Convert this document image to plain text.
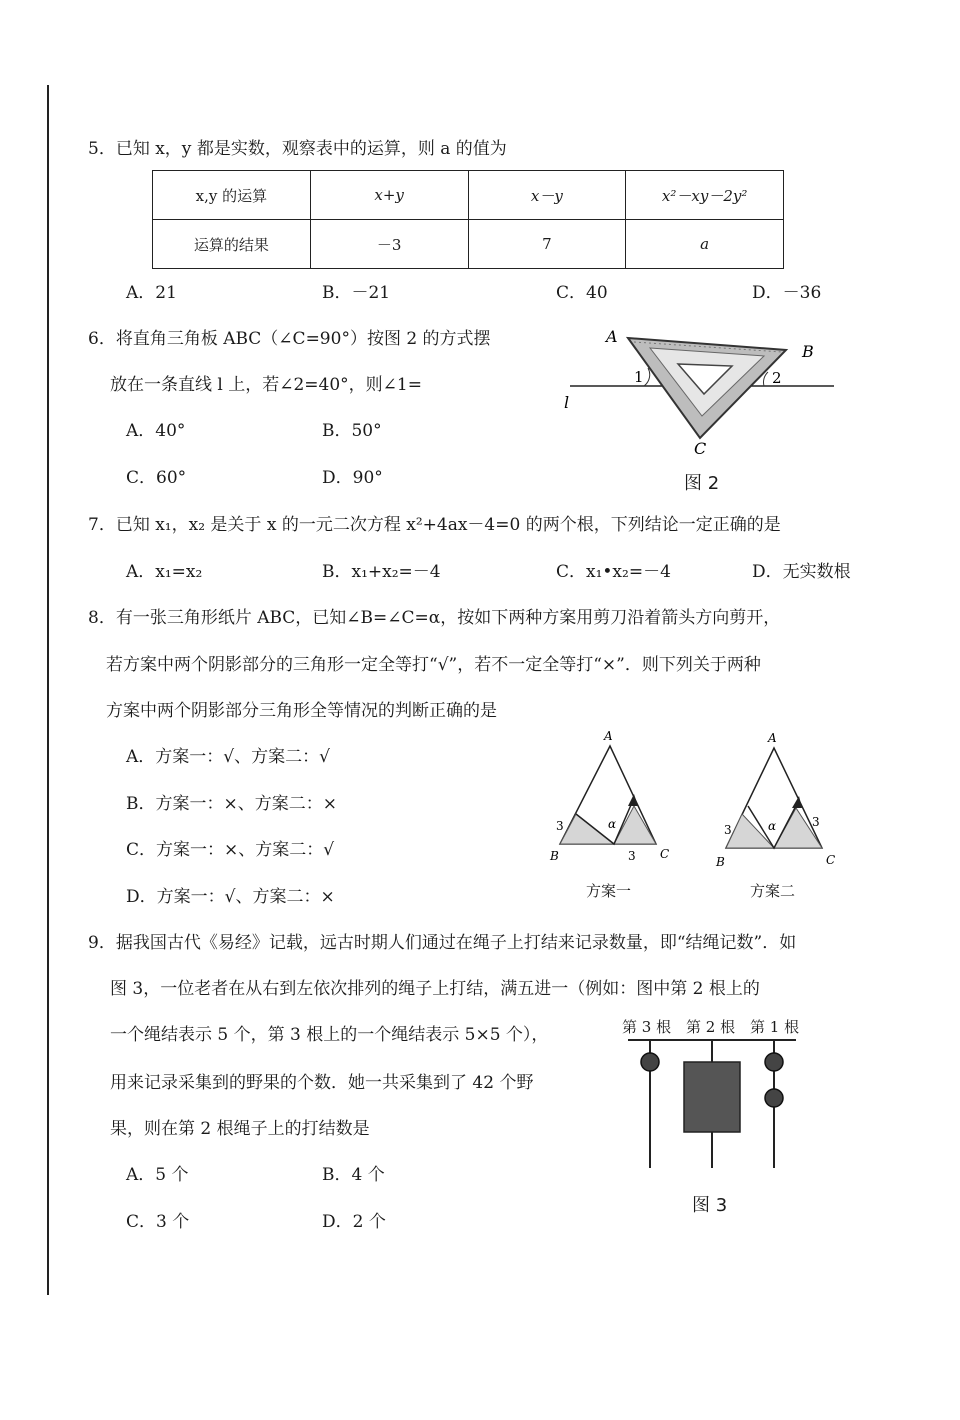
5．已知 x，y 都是实数，观察表中的运算，则 a 的值为
x,y 的运算	x+y	x－y	x²－xy－2y²
运算的结果	－3	7	a
A．21	B．－21	C．40	D．－36
6．将直角三角板 ABC（∠C=90°）按图 2 的方式摆
放在一条直线 l 上，若∠2=40°，则∠1=
A．40°	B．50°
C．60°	D．90°
A
B
C
l
1	2
图 2
7．已知 x₁，x₂ 是关于 x 的一元二次方程 x²+4ax－4=0 的两个根，下列结论一定正确的是
A．x₁=x₂	B．x₁+x₂=－4	C．x₁•x₂=－4	D．无实数根
8．有一张三角形纸片 ABC，已知∠B=∠C=α，按如下两种方案用剪刀沿着箭头方向剪开，
若方案中两个阴影部分的三角形一定全等打“√”，若不一定全等打“×”．则下列关于两种
方案中两个阴影部分三角形全等情况的判断正确的是
A．方案一：√、方案二：√
B．方案一：×、方案二：×
C．方案一：×、方案二：√
D．方案一：√、方案二：×
A
B	C
3
3
α
A
B	C
3
3
α
方案一	方案二
9．据我国古代《易经》记载，远古时期人们通过在绳子上打结来记录数量，即“结绳记数”．如
图 3，一位老者在从右到左依次排列的绳子上打结，满五进一（例如：图中第 2 根上的
一个绳结表示 5 个，第 3 根上的一个绳结表示 5×5 个），
用来记录采集到的野果的个数．她一共采集到了 42 个野
果，则在第 2 根绳子上的打结数是
A．5 个	B．4 个
C．3 个	D．2 个
第 3 根 第 2 根 第 1 根
图 3
